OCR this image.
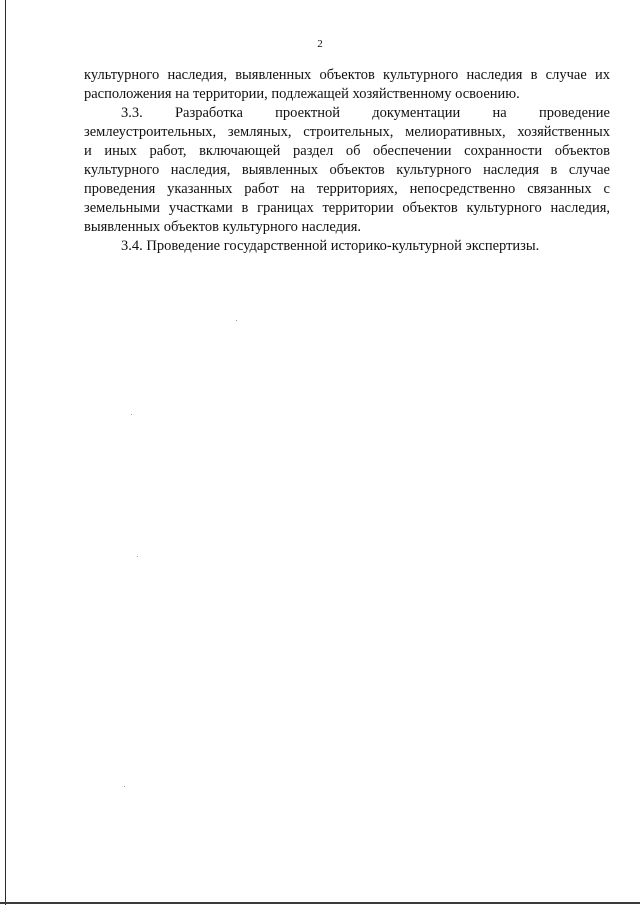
2
культурного наследия, выявленных объектов культурного наследия в случае их
расположения на территории, подлежащей хозяйственному освоению.
3.3. Разработка проектной документации на проведение
землеустроительных, земляных, строительных, мелиоративных, хозяйственных
и иных работ, включающей раздел об обеспечении сохранности объектов
культурного наследия, выявленных объектов культурного наследия в случае
проведения указанных работ на территориях, непосредственно связанных с
земельными участками в границах территории объектов культурного наследия,
выявленных объектов культурного наследия.
3.4. Проведение государственной историко-культурной экспертизы.
